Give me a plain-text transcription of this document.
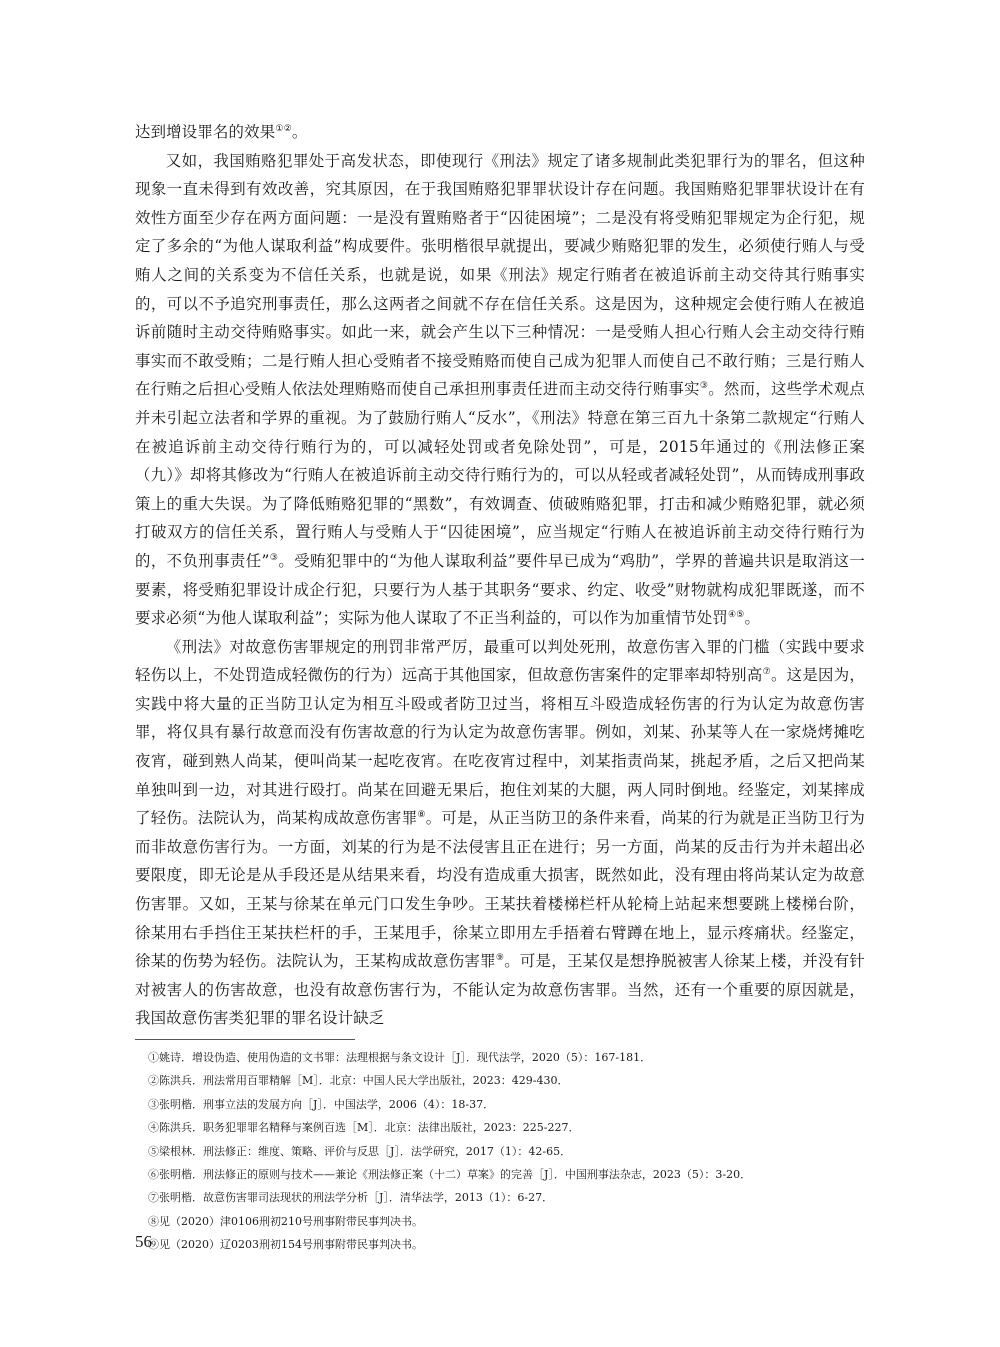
达到增设罪名的效果①②。

又如，我国贿赂犯罪处于高发状态，即使现行《刑法》规定了诸多规制此类犯罪行为的罪名，但这种现象一直未得到有效改善，究其原因，在于我国贿赂犯罪罪状设计存在问题。我国贿赂犯罪罪状设计在有效性方面至少存在两方面问题：一是没有置贿赂者于“囚徒困境”；二是没有将受贿犯罪规定为企行犯，规定了多余的“为他人谋取利益”构成要件。张明楷很早就提出，要减少贿赂犯罪的发生，必须使行贿人与受贿人之间的关系变为不信任关系，也就是说，如果《刑法》规定行贿者在被追诉前主动交待其行贿事实的，可以不予追究刑事责任，那么这两者之间就不存在信任关系。这是因为，这种规定会使行贿人在被追诉前随时主动交待贿赂事实。如此一来，就会产生以下三种情况：一是受贿人担心行贿人会主动交待行贿事实而不敢受贿；二是行贿人担心受贿者不接受贿赂而使自己成为犯罪人而使自己不敢行贿；三是行贿人在行贿之后担心受贿人依法处理贿赂而使自己承担刑事责任进而主动交待行贿事实③。然而，这些学术观点并未引起立法者和学界的重视。为了鼓励行贿人“反水”，《刑法》特意在第三百九十条第二款规定“行贿人在被追诉前主动交待行贿行为的，可以减轻处罚或者免除处罚”，可是，2015年通过的《刑法修正案（九）》却将其修改为“行贿人在被追诉前主动交待行贿行为的，可以从轻或者减轻处罚”，从而铸成刑事政策上的重大失误。为了降低贿赂犯罪的“黑数”，有效调查、侦破贿赂犯罪，打击和减少贿赂犯罪，就必须打破双方的信任关系，置行贿人与受贿人于“囚徒困境”，应当规定“行贿人在被追诉前主动交待行贿行为的，不负刑事责任”③。受贿犯罪中的“为他人谋取利益”要件早已成为“鸡肋”，学界的普遍共识是取消这一要素，将受贿犯罪设计成企行犯，只要行为人基于其职务“要求、约定、收受”财物就构成犯罪既遂，而不要求必须“为他人谋取利益”；实际为他人谋取了不正当利益的，可以作为加重情节处罚④⑤。

《刑法》对故意伤害罪规定的刑罚非常严厉，最重可以判处死刑，故意伤害入罪的门槛（实践中要求轻伤以上，不处罚造成轻微伤的行为）远高于其他国家，但故意伤害案件的定罪率却特别高⑦。这是因为，实践中将大量的正当防卫认定为相互斗殴或者防卫过当，将相互斗殴造成轻伤害的行为认定为故意伤害罪，将仅具有暴行故意而没有伤害故意的行为认定为故意伤害罪。例如，刘某、孙某等人在一家烧烤摊吃夜宵，碰到熟人尚某，便叫尚某一起吃夜宵。在吃夜宵过程中，刘某指责尚某，挑起矛盾，之后又把尚某单独叫到一边，对其进行殴打。尚某在回避无果后，抱住刘某的大腿，两人同时倒地。经鉴定，刘某摔成了轻伤。法院认为，尚某构成故意伤害罪⑧。可是，从正当防卫的条件来看，尚某的行为就是正当防卫行为而非故意伤害行为。一方面，刘某的行为是不法侵害且正在进行；另一方面，尚某的反击行为并未超出必要限度，即无论是从手段还是从结果来看，均没有造成重大损害，既然如此，没有理由将尚某认定为故意伤害罪。又如，王某与徐某在单元门口发生争吵。王某扶着楼梯栏杆从轮椅上站起来想要跳上楼梯台阶，徐某用右手挡住王某扶栏杆的手，王某甩手，徐某立即用左手捂着右臂蹲在地上，显示疼痛状。经鉴定，徐某的伤势为轻伤。法院认为，王某构成故意伤害罪⑨。可是，王某仅是想挣脱被害人徐某上楼，并没有针对被害人的伤害故意，也没有故意伤害行为，不能认定为故意伤害罪。当然，还有一个重要的原因就是，我国故意伤害类犯罪的罪名设计缺乏

①姚诗．增设伪造、使用伪造的文书罪：法理根据与条文设计［J］．现代法学，2020（5）：167-181．
②陈洪兵．刑法常用百罪精解［M］．北京：中国人民大学出版社，2023：429-430．
③张明楷．刑事立法的发展方向［J］．中国法学，2006（4）：18-37．
④陈洪兵．职务犯罪罪名精释与案例百选［M］．北京：法律出版社，2023：225-227．
⑤梁根林．刑法修正：维度、策略、评价与反思［J］．法学研究，2017（1）：42-65．
⑥张明楷．刑法修正的原则与技术——兼论《刑法修正案（十二）草案》的完善［J］．中国刑事法杂志，2023（5）：3-20．
⑦张明楷．故意伤害罪司法现状的刑法学分析［J］．清华法学，2013（1）：6-27．
⑧见（2020）津0106刑初210号刑事附带民事判决书。
⑨见（2020）辽0203刑初154号刑事附带民事判决书。
56
